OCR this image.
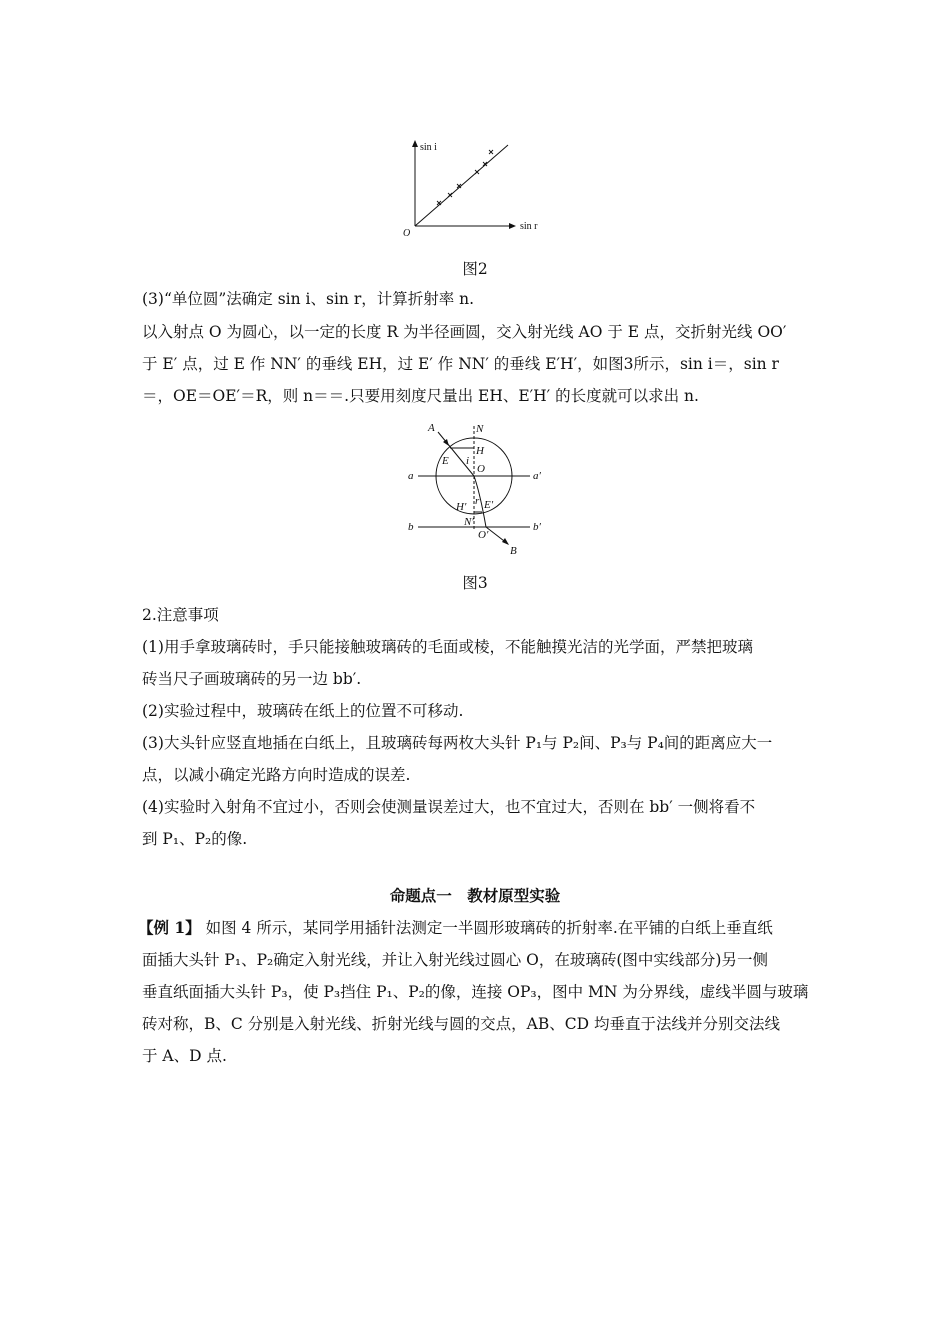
sin i
sin r
O
图2
(3)“单位圆”法确定 sin i、sin r，计算折射率 n.
以入射点 O 为圆心，以一定的长度 R 为半径画圆，交入射光线 AO 于 E 点，交折射光线 OO′
于 E′ 点，过 E 作 NN′ 的垂线 EH，过 E′ 作 NN′ 的垂线 E′H′，如图3所示，sin i＝，sin r
＝，OE＝OE′＝R，则 n＝＝.只要用刻度尺量出 EH、E′H′ 的长度就可以求出 n.
A	N
H
E i
O
a	a′
H′ r E′
N′
b	b′
O′
B
图3
2.注意事项
(1)用手拿玻璃砖时，手只能接触玻璃砖的毛面或棱，不能触摸光洁的光学面，严禁把玻璃
砖当尺子画玻璃砖的另一边 bb′.
(2)实验过程中，玻璃砖在纸上的位置不可移动.
(3)大头针应竖直地插在白纸上，且玻璃砖每两枚大头针 P₁与 P₂间、P₃与 P₄间的距离应大一
点，以减小确定光路方向时造成的误差.
(4)实验时入射角不宜过小，否则会使测量误差过大，也不宜过大，否则在 bb′ 一侧将看不
到 P₁、P₂的像.
命题点一　教材原型实验
【例 1】 如图 4 所示，某同学用插针法测定一半圆形玻璃砖的折射率.在平铺的白纸上垂直纸
面插大头针 P₁、P₂确定入射光线，并让入射光线过圆心 O，在玻璃砖(图中实线部分)另一侧
垂直纸面插大头针 P₃，使 P₃挡住 P₁、P₂的像，连接 OP₃，图中 MN 为分界线，虚线半圆与玻璃
砖对称，B、C 分别是入射光线、折射光线与圆的交点，AB、CD 均垂直于法线并分别交法线
于 A、D 点.
